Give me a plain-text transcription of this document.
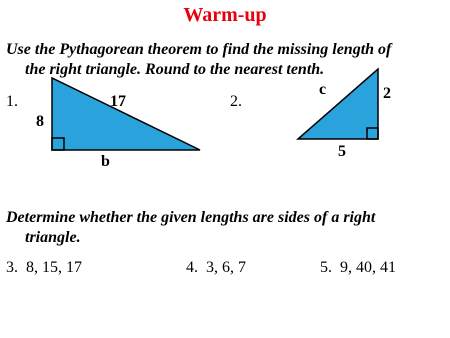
Warm-up
Use the Pythagorean theorem to find the missing length of
the right triangle. Round to the nearest tenth.
1.	17
8
b
2.
c	2
5
Determine whether the given lengths are sides of a right
triangle.
3. 8, 15, 17	4. 3, 6, 7	5. 9, 40, 41
